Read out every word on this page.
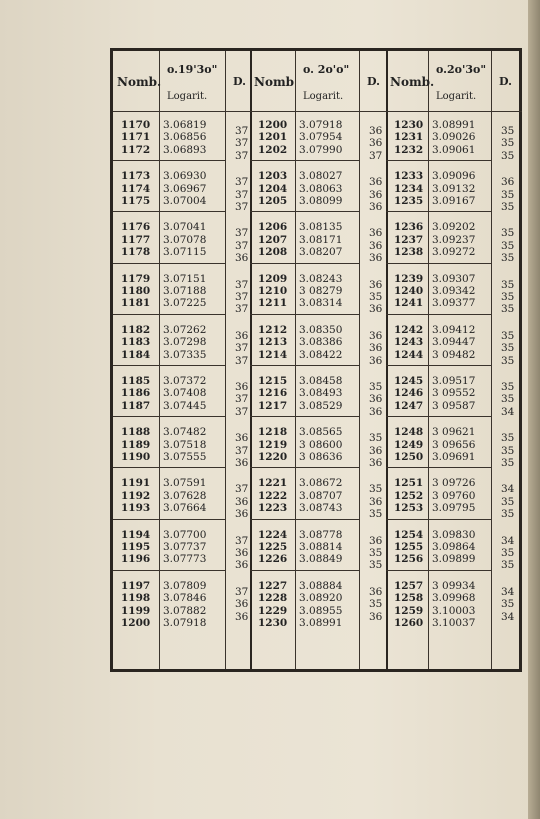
Nomb.
o.19'3o"
Logarit.
D.
1170 3.06819
1171 3.06856
1172 3.06893
37
37
37
1173 3.06930
1174 3.06967
1175 3.07004
37
37
37
1176 3.07041
1177 3.07078
1178 3.07115
37
37
36
1179 3.07151
1180 3.07188
1181 3.07225
37
37
37
1182 3.07262
1183 3.07298
1184 3.07335
36
37
37
1185 3.07372
1186 3.07408
1187 3.07445
36
37
37
1188 3.07482
1189 3.07518
1190 3.07555
36
37
36
1191 3.07591
1192 3.07628
1193 3.07664
37
36
36
1194 3.07700
1195 3.07737
1196 3.07773
37
36
36
1197 3.07809
1198 3.07846
1199 3.07882
1200 3.07918
37
36
36
Nomb
o. 2o'o"
Logarit.
D.
1200 3.07918
1201 3.07954
1202 3.07990
36
36
37
1203 3.08027
1204 3.08063
1205 3.08099
36
36
36
1206 3.08135
1207 3.08171
1208 3.08207
36
36
36
1209 3.08243
1210 3 08279
1211 3.08314
36
35
36
1212 3.08350
1213 3.08386
1214 3.08422
36
36
36
1215 3.08458
1216 3.08493
1217 3.08529
35
36
36
1218 3.08565
1219 3 08600
1220 3 08636
35
36
36
1221 3.08672
1222 3.08707
1223 3.08743
35
36
35
1224 3.08778
1225 3.08814
1226 3.08849
36
35
35
1227 3.08884
1228 3.08920
1229 3.08955
1230 3.08991
36
35
36
Nomb.
o.2o'3o"
Logarit.
D.
1230 3.08991
1231 3.09026
1232 3.09061
35
35
35
1233 3.09096
1234 3.09132
1235 3.09167
36
35
35
1236 3.09202
1237 3.09237
1238 3.09272
35
35
35
1239 3.09307
1240 3.09342
1241 3.09377
35
35
35
1242 3.09412
1243 3.09447
1244 3 09482
35
35
35
1245 3.09517
1246 3 09552
1247 3 09587
35
35
34
1248 3 09621
1249 3 09656
1250 3.09691
35
35
35
1251 3 09726
1252 3 09760
1253 3.09795
34
35
35
1254 3.09830
1255 3.09864
1256 3.09899
34
35
35
1257 3 09934
1258 3.09968
1259 3.10003
1260 3.10037
34
35
34
